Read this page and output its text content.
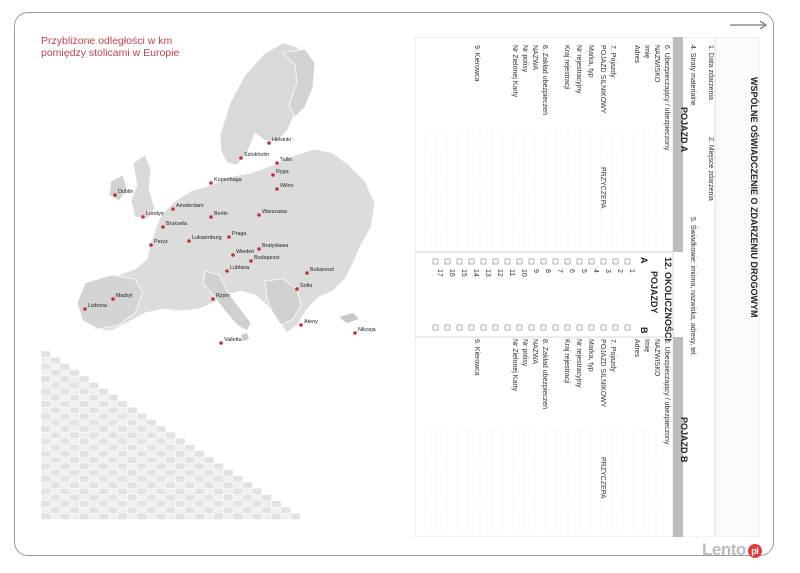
Helsinki
Sztokholm
Tallin
Ryga
Kopenhaga
Wilno
Dublin
Amsterdam
Berlin	Warszawa
Londyn
Bruksela
Luksemburg
Praga
Paryż
Bratysława
Wiedeń
Budapeszt
Lublana	Bukareszt
Sofia
Madryt
Lizbona
Rzym
Ateny
Valletta
Nikozja
Przybliżone odległości w km
pomiędzy stolicami w Europie
WSPÓLNE OŚWIADCZENIE O ZDARZENIU DROGOWYM
1. Data zdarzenia
2. Miejsce zdarzenia
4. Straty materialne
5. Świadkowie: imiona, nazwiska, adresy, tel.
POJAZD A
POJAZD B
6. Ubezpieczający / ubezpieczony
NAZWISKO
Imię
Adres
7. Pojazdy
POJAZD SILNIKOWY
PRZYCZEPA
Marka, typ
Nr rejestracyjny
Kraj rejestracji
8. Zakład ubezpieczeń
NAZWA
Nr polisy
Nr Zielonej Karty
9. Kierowca
6. Ubezpieczający / ubezpieczony
NAZWISKO
Imię
Adres
7. Pojazdy
POJAZD SILNIKOWY
PRZYCZEPA
Marka, typ
Nr rejestracyjny
Kraj rejestracji
8. Zakład ubezpieczeń
NAZWA
Nr polisy
Nr Zielonej Karty
9. Kierowca
12. OKOLICZNOŚCI
POJAZDY
A
B
1
2
3
4
5
6
7
8
9
10
11
12
13
14
15
16
17
Lento pl
